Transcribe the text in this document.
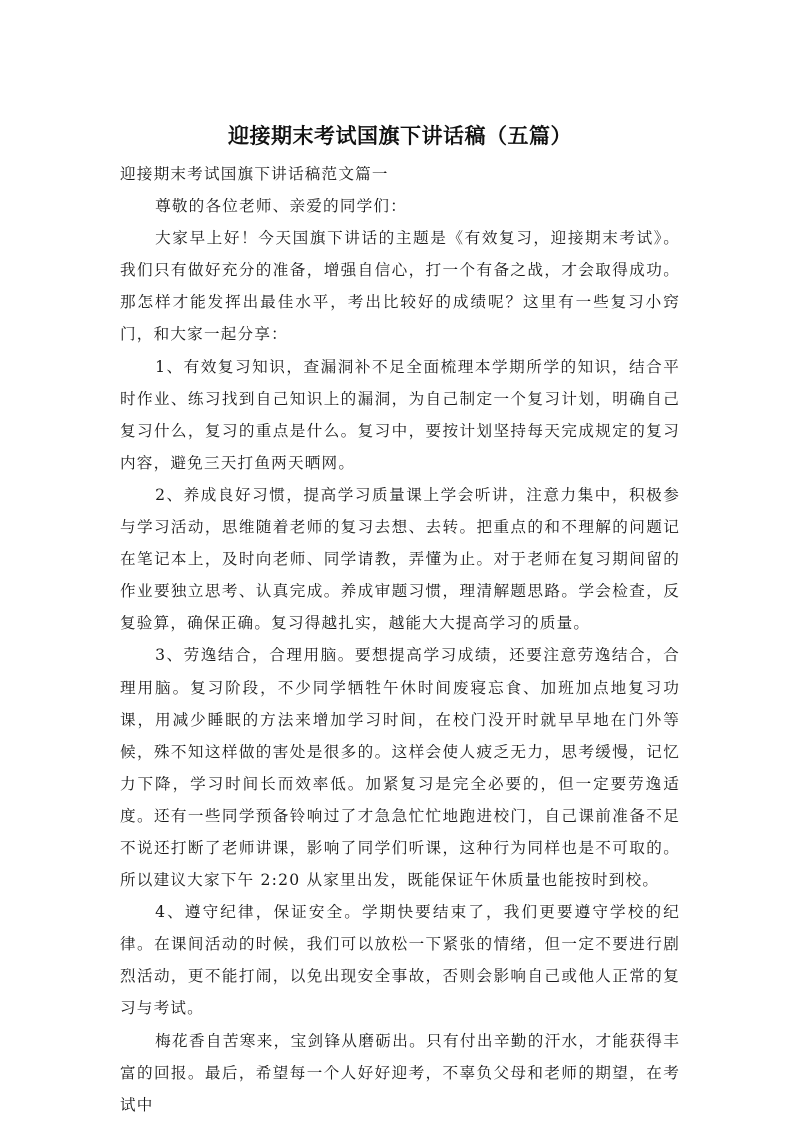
迎接期末考试国旗下讲话稿（五篇）

迎接期末考试国旗下讲话稿范文篇一

尊敬的各位老师、亲爱的同学们：

大家早上好！今天国旗下讲话的主题是《有效复习，迎接期末考试》。我们只有做好充分的准备，增强自信心，打一个有备之战，才会取得成功。那怎样才能发挥出最佳水平，考出比较好的成绩呢？这里有一些复习小窍门，和大家一起分享：

1、有效复习知识，查漏洞补不足全面梳理本学期所学的知识，结合平时作业、练习找到自己知识上的漏洞，为自己制定一个复习计划，明确自己复习什么，复习的重点是什么。复习中，要按计划坚持每天完成规定的复习内容，避免三天打鱼两天晒网。

2、养成良好习惯，提高学习质量课上学会听讲，注意力集中，积极参与学习活动，思维随着老师的复习去想、去转。把重点的和不理解的问题记在笔记本上，及时向老师、同学请教，弄懂为止。对于老师在复习期间留的作业要独立思考、认真完成。养成审题习惯，理清解题思路。学会检查，反复验算，确保正确。复习得越扎实，越能大大提高学习的质量。

3、劳逸结合，合理用脑。要想提高学习成绩，还要注意劳逸结合，合理用脑。复习阶段，不少同学牺牲午休时间废寝忘食、加班加点地复习功课，用减少睡眠的方法来增加学习时间，在校门没开时就早早地在门外等候，殊不知这样做的害处是很多的。这样会使人疲乏无力，思考缓慢，记忆力下降，学习时间长而效率低。加紧复习是完全必要的，但一定要劳逸适度。还有一些同学预备铃响过了才急急忙忙地跑进校门，自己课前准备不足不说还打断了老师讲课，影响了同学们听课，这种行为同样也是不可取的。所以建议大家下午 2:20 从家里出发，既能保证午休质量也能按时到校。

4、遵守纪律，保证安全。学期快要结束了，我们更要遵守学校的纪律。在课间活动的时候，我们可以放松一下紧张的情绪，但一定不要进行剧烈活动，更不能打闹，以免出现安全事故，否则会影响自己或他人正常的复习与考试。

梅花香自苦寒来，宝剑锋从磨砺出。只有付出辛勤的汗水，才能获得丰富的回报。最后，希望每一个人好好迎考，不辜负父母和老师的期望，在考试中
